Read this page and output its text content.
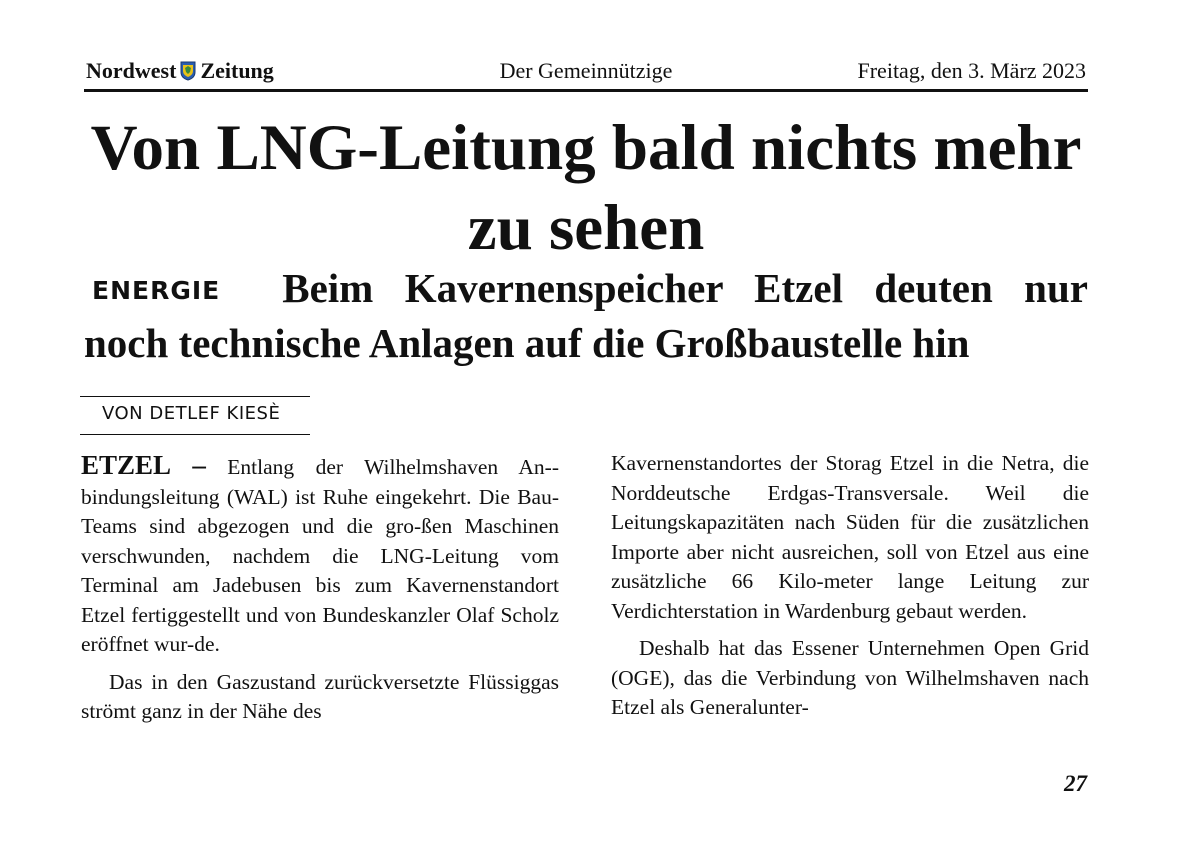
Nordwest Zeitung	Der Gemeinnützige	Freitag, den 3. März 2023
Von LNG-Leitung bald nichts mehr zu sehen
ENERGIE Beim Kavernenspeicher Etzel deuten nur noch technische Anlagen auf die Großbaustelle hin
VON DETLEF KIESÈ

ETZEL – Entlang der Wilhelmshaven An-bindungsleitung (WAL) ist Ruhe eingekehrt. Die Bau-Teams sind abgezogen und die gro-ßen Maschinen verschwunden, nachdem die LNG-Leitung vom Terminal am Jadebusen bis zum Kavernenstandort Etzel fertiggestellt und von Bundeskanzler Olaf Scholz eröffnet wur-de.

Das in den Gaszustand zurückversetzte Flüssiggas strömt ganz in der Nähe des

Kavernenstandortes der Storag Etzel in die Netra, die Norddeutsche Erdgas-Transversale. Weil die Leitungskapazitäten nach Süden für die zusätzlichen Importe aber nicht ausreichen, soll von Etzel aus eine zusätzliche 66 Kilo-meter lange Leitung zur Verdichterstation in Wardenburg gebaut werden.

Deshalb hat das Essener Unternehmen Open Grid (OGE), das die Verbindung von Wilhelmshaven nach Etzel als Generalunter-

27
